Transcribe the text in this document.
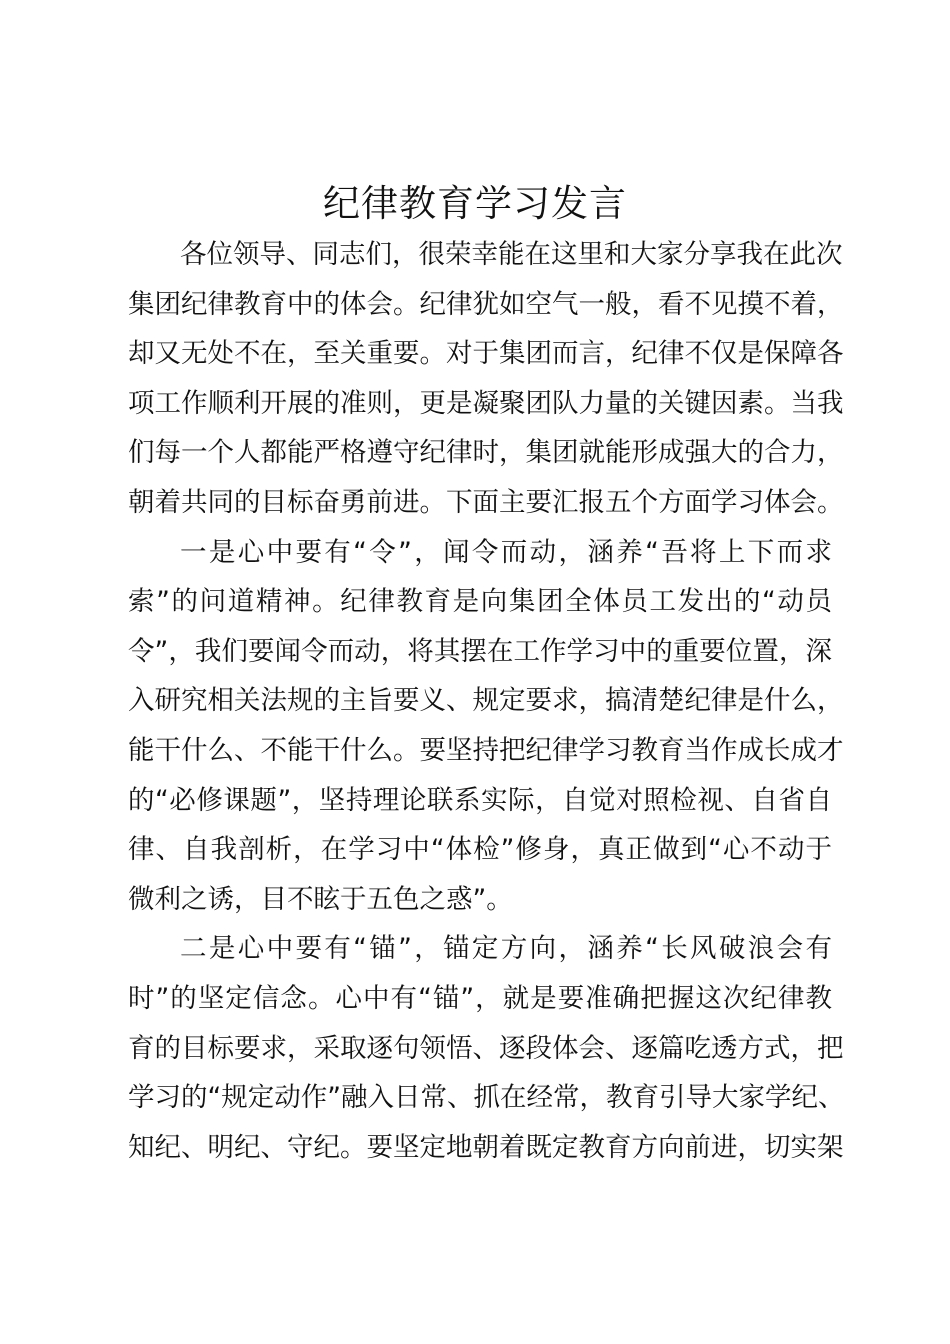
纪律教育学习发言
各位领导、同志们，很荣幸能在这里和大家分享我在此次
集团纪律教育中的体会。纪律犹如空气一般，看不见摸不着，
却又无处不在，至关重要。对于集团而言，纪律不仅是保障各
项工作顺利开展的准则，更是凝聚团队力量的关键因素。当我
们每一个人都能严格遵守纪律时，集团就能形成强大的合力，
朝着共同的目标奋勇前进。下面主要汇报五个方面学习体会。
一是心中要有“令”，闻令而动，涵养“吾将上下而求
索”的问道精神。纪律教育是向集团全体员工发出的“动员
令”，我们要闻令而动，将其摆在工作学习中的重要位置，深
入研究相关法规的主旨要义、规定要求，搞清楚纪律是什么，
能干什么、不能干什么。要坚持把纪律学习教育当作成长成才
的“必修课题”，坚持理论联系实际，自觉对照检视、自省自
律、自我剖析，在学习中“体检”修身，真正做到“心不动于
微利之诱，目不眩于五色之惑”。
二是心中要有“锚”，锚定方向，涵养“长风破浪会有
时”的坚定信念。心中有“锚”，就是要准确把握这次纪律教
育的目标要求，采取逐句领悟、逐段体会、逐篇吃透方式，把
学习的“规定动作”融入日常、抓在经常，教育引导大家学纪、
知纪、明纪、守纪。要坚定地朝着既定教育方向前进，切实架
